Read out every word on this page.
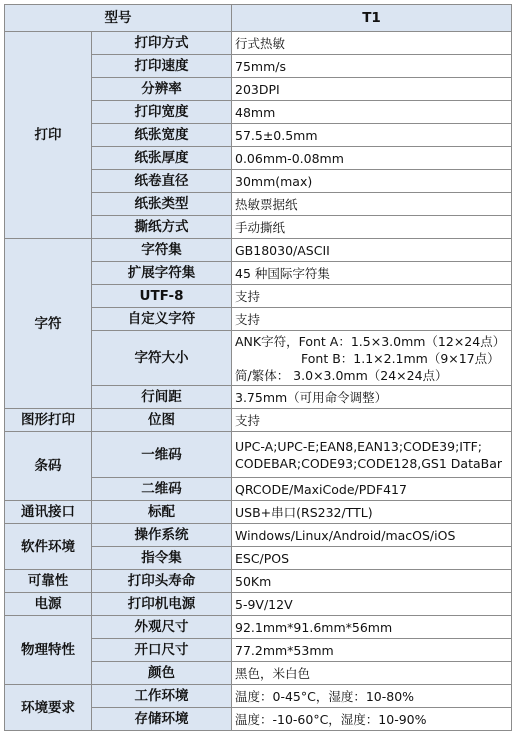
型号		T1
打印	打印方式	行式热敏

	打印速度	75mm/s

	分辨率	203DPI

	打印宽度	48mm

	纸张宽度	57.5±0.5mm

	纸张厚度	0.06mm-0.08mm

	纸卷直径	30mm(max)

	纸张类型	热敏票据纸

	撕纸方式	手动撕纸

字符	字符集	GB18030/ASCII

	扩展字符集	45 种国际字符集

	UTF-8	支持

	自定义字符	支持

	字符大小	ANK字符，Font A：1.5×3.0mm（12×24点）
Font B：1.1×2.1mm（9×17点）
简/繁体： 3.0×3.0mm（24×24点）

	行间距	3.75mm（可用命令调整）

图形打印	位图	支持

条码	一维码	UPC-A;UPC-E;EAN8,EAN13;CODE39;ITF;
CODEBAR;CODE93;CODE128,GS1 DataBar

	二维码	QRCODE/MaxiCode/PDF417

通讯接口	标配	USB+串口(RS232/TTL)

软件环境	操作系统	Windows/Linux/Android/macOS/iOS

	指令集	ESC/POS

可靠性	打印头寿命	50Km

电源	打印机电源	5-9V/12V

物理特性	外观尺寸	92.1mm*91.6mm*56mm

	开口尺寸	77.2mm*53mm

	颜色	黑色，米白色

环境要求	工作环境	温度：0-45°C，湿度：10-80%

	存储环境	温度：-10-60°C，湿度：10-90%
